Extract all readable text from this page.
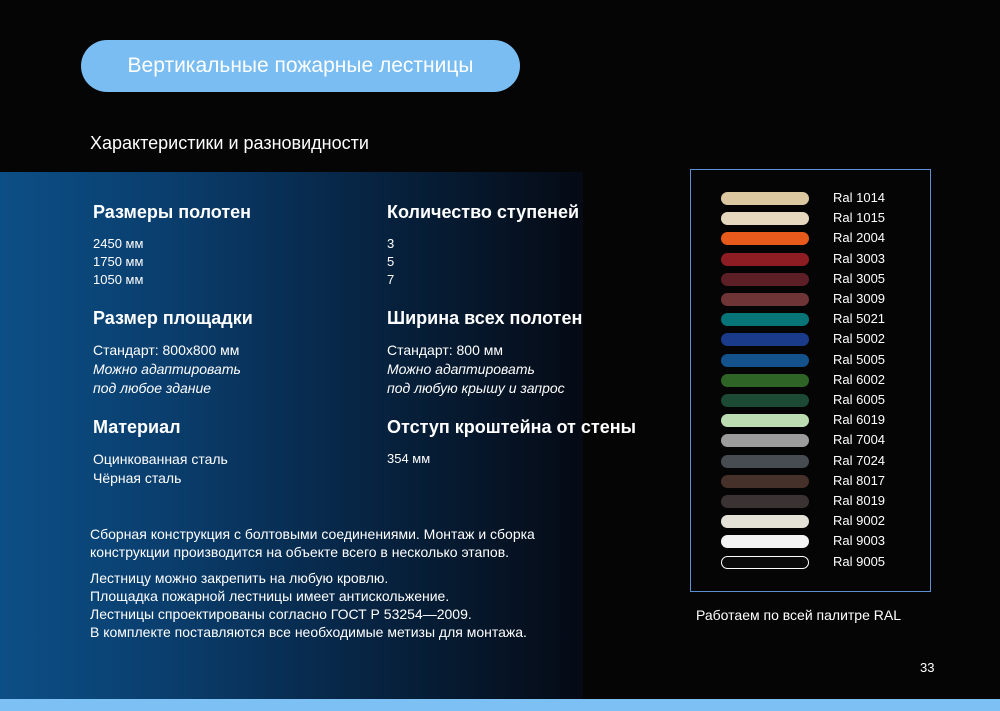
Вертикальные пожарные лестницы
Характеристики и разновидности
Размеры полотен
2450 мм
1750 мм
1050 мм
Размер площадки
Стандарт: 800х800 мм
Можно адаптировать
под любое здание
Материал
Оцинкованная сталь
Чёрная сталь
Количество ступеней
3
5
7
Ширина всех полотен
Стандарт: 800 мм
Можно адаптировать
под любую крышу и запрос
Отступ кроштейна от стены
354 мм
Сборная конструкция с болтовыми соединениями. Монтаж и сборка
конструкции производится на объекте всего в несколько этапов.
Лестницу можно закрепить на любую кровлю.
Площадка пожарной лестницы имеет антискольжение.
Лестницы спроектированы согласно ГОСТ Р 53254—2009.
В комплекте поставляются все необходимые метизы для монтажа.
Ral 1014
Ral 1015
Ral 2004
Ral 3003
Ral 3005
Ral 3009
Ral 5021
Ral 5002
Ral 5005
Ral 6002
Ral 6005
Ral 6019
Ral 7004
Ral 7024
Ral 8017
Ral 8019
Ral 9002
Ral 9003
Ral 9005
Работаем по всей палитре RAL
33
